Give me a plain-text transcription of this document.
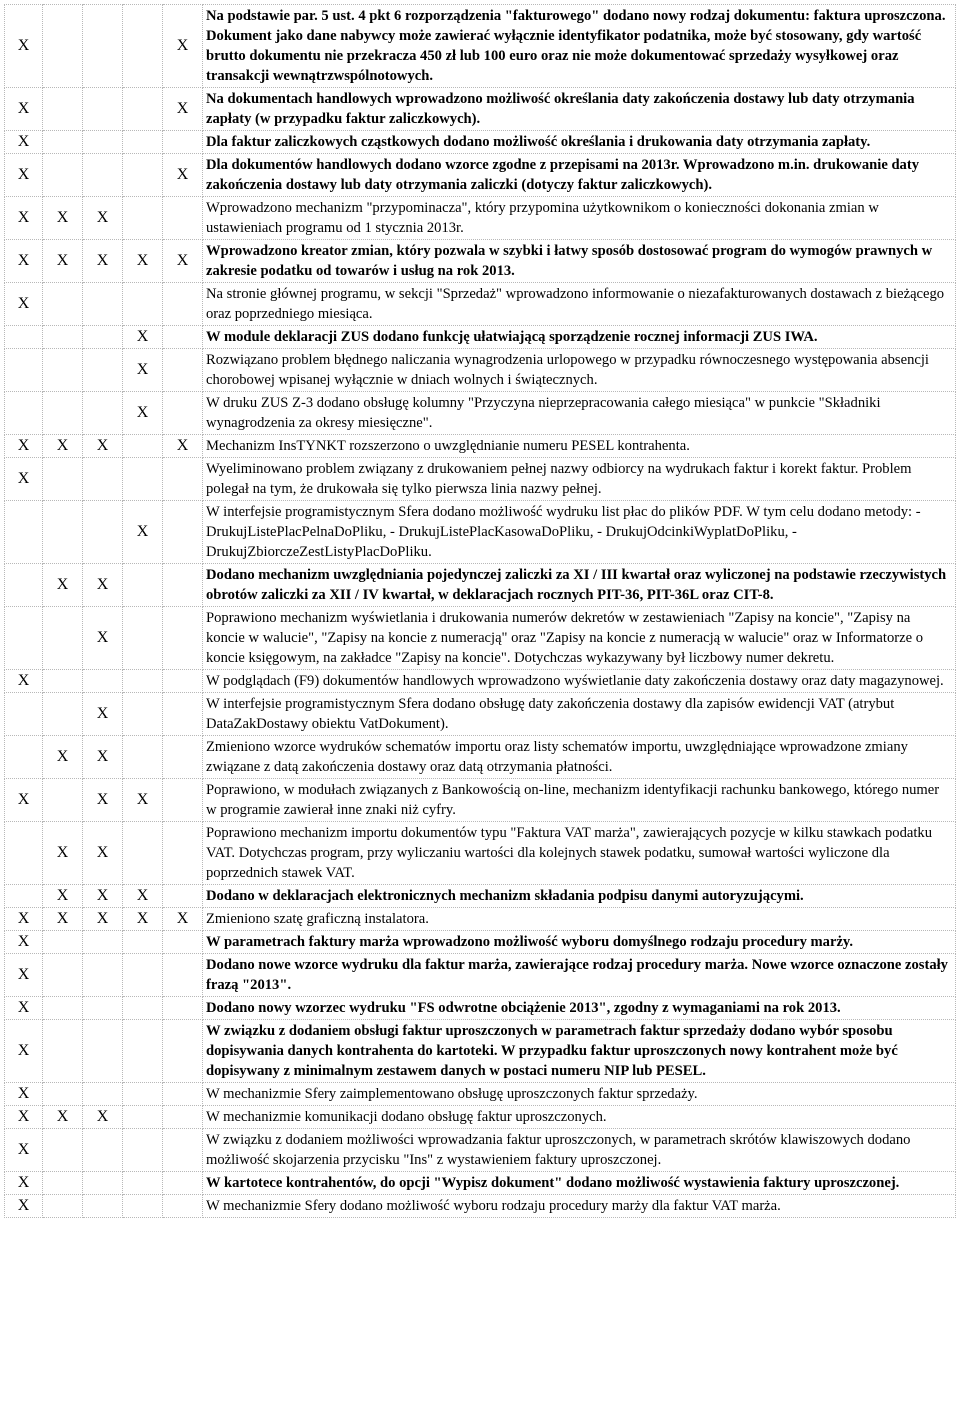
X				X	Na podstawie par. 5 ust. 4 pkt 6 rozporządzenia "fakturowego" dodano nowy rodzaj dokumentu: faktura uproszczona. Dokument jako dane nabywcy może zawierać wyłącznie identyfikator podatnika, może być stosowany, gdy wartość brutto dokumentu nie przekracza 450 zł lub 100 euro oraz nie może dokumentować sprzedaży wysyłkowej oraz transakcji wewnątrzwspólnotowych.
X				X	Na dokumentach handlowych wprowadzono możliwość określania daty zakończenia dostawy lub daty otrzymania zapłaty (w przypadku faktur zaliczkowych).
X					Dla faktur zaliczkowych cząstkowych dodano możliwość określania i drukowania daty otrzymania zapłaty.
X				X	Dla dokumentów handlowych dodano wzorce zgodne z przepisami na 2013r. Wprowadzono m.in. drukowanie daty zakończenia dostawy lub daty otrzymania zaliczki (dotyczy faktur zaliczkowych).
X	X	X			Wprowadzono mechanizm "przypominacza", który przypomina użytkownikom o konieczności dokonania zmian w ustawieniach programu od 1 stycznia 2013r.
X	X	X	X	X	Wprowadzono kreator zmian, który pozwala w szybki i łatwy sposób dostosować program do wymogów prawnych w zakresie podatku od towarów i usług na rok 2013.
X					Na stronie głównej programu, w sekcji "Sprzedaż" wprowadzono informowanie o niezafakturowanych dostawach z bieżącego oraz poprzedniego miesiąca.
			X		W module deklaracji ZUS dodano funkcję ułatwiającą sporządzenie rocznej informacji ZUS IWA.
			X		Rozwiązano problem błędnego naliczania wynagrodzenia urlopowego w przypadku równoczesnego występowania absencji chorobowej wpisanej wyłącznie w dniach wolnych i świątecznych.
			X		W druku ZUS Z-3 dodano obsługę kolumny "Przyczyna nieprzepracowania całego miesiąca" w punkcie "Składniki wynagrodzenia za okresy miesięczne".
X	X	X		X	Mechanizm InsTYNKT rozszerzono o uwzględnianie numeru PESEL kontrahenta.
X					Wyeliminowano problem związany z drukowaniem pełnej nazwy odbiorcy na wydrukach faktur i korekt faktur. Problem polegał na tym, że drukowała się tylko pierwsza linia nazwy pełnej.
			X		W interfejsie programistycznym Sfera dodano możliwość wydruku list płac do plików PDF. W tym celu dodano metody: - DrukujListePlacPelnaDoPliku, - DrukujListePlacKasowaDoPliku, - DrukujOdcinkiWyplatDoPliku, - DrukujZbiorczeZestListyPlacDoPliku.
	X	X			Dodano mechanizm uwzględniania pojedynczej zaliczki za XI / III kwartał oraz wyliczonej na podstawie rzeczywistych obrotów zaliczki za XII / IV kwartał, w deklaracjach rocznych PIT-36, PIT-36L oraz CIT-8.
		X			Poprawiono mechanizm wyświetlania i drukowania numerów dekretów w zestawieniach "Zapisy na koncie", "Zapisy na koncie w walucie", "Zapisy na koncie z numeracją" oraz "Zapisy na koncie z numeracją w walucie" oraz w Informatorze o koncie księgowym, na zakładce "Zapisy na koncie". Dotychczas wykazywany był liczbowy numer dekretu.
X					W podglądach (F9) dokumentów handlowych wprowadzono wyświetlanie daty zakończenia dostawy oraz daty magazynowej.
		X			W interfejsie programistycznym Sfera dodano obsługę daty zakończenia dostawy dla zapisów ewidencji VAT (atrybut DataZakDostawy obiektu VatDokument).
	X	X			Zmieniono wzorce wydruków schematów importu oraz listy schematów importu, uwzględniające wprowadzone zmiany związane z datą zakończenia dostawy oraz datą otrzymania płatności.
X		X	X		Poprawiono, w modułach związanych z Bankowością on-line, mechanizm identyfikacji rachunku bankowego, którego numer w programie zawierał inne znaki niż cyfry.
	X	X			Poprawiono mechanizm importu dokumentów typu "Faktura VAT marża", zawierających pozycje w kilku stawkach podatku VAT. Dotychczas program, przy wyliczaniu wartości dla kolejnych stawek podatku, sumował wartości wyliczone dla poprzednich stawek VAT.
	X	X	X		Dodano w deklaracjach elektronicznych mechanizm składania podpisu danymi autoryzującymi.
X	X	X	X	X	Zmieniono szatę graficzną instalatora.
X					W parametrach faktury marża wprowadzono możliwość wyboru domyślnego rodzaju procedury marży.
X					Dodano nowe wzorce wydruku dla faktur marża, zawierające rodzaj procedury marża. Nowe wzorce oznaczone zostały frazą "2013".
X					Dodano nowy wzorzec wydruku "FS odwrotne obciążenie 2013", zgodny z wymaganiami na rok 2013.
X					W związku z dodaniem obsługi faktur uproszczonych w parametrach faktur sprzedaży dodano wybór sposobu dopisywania danych kontrahenta do kartoteki. W przypadku faktur uproszczonych nowy kontrahent może być dopisywany z minimalnym zestawem danych w postaci numeru NIP lub PESEL.
X					W mechanizmie Sfery zaimplementowano obsługę uproszczonych faktur sprzedaży.
X	X	X			W mechanizmie komunikacji dodano obsługę faktur uproszczonych.
X					W związku z dodaniem możliwości wprowadzania faktur uproszczonych, w parametrach skrótów klawiszowych dodano możliwość skojarzenia przycisku "Ins" z wystawieniem faktury uproszczonej.
X					W kartotece kontrahentów, do opcji "Wypisz dokument" dodano możliwość wystawienia faktury uproszczonej.
X					W mechanizmie Sfery dodano możliwość wyboru rodzaju procedury marży dla faktur VAT marża.
